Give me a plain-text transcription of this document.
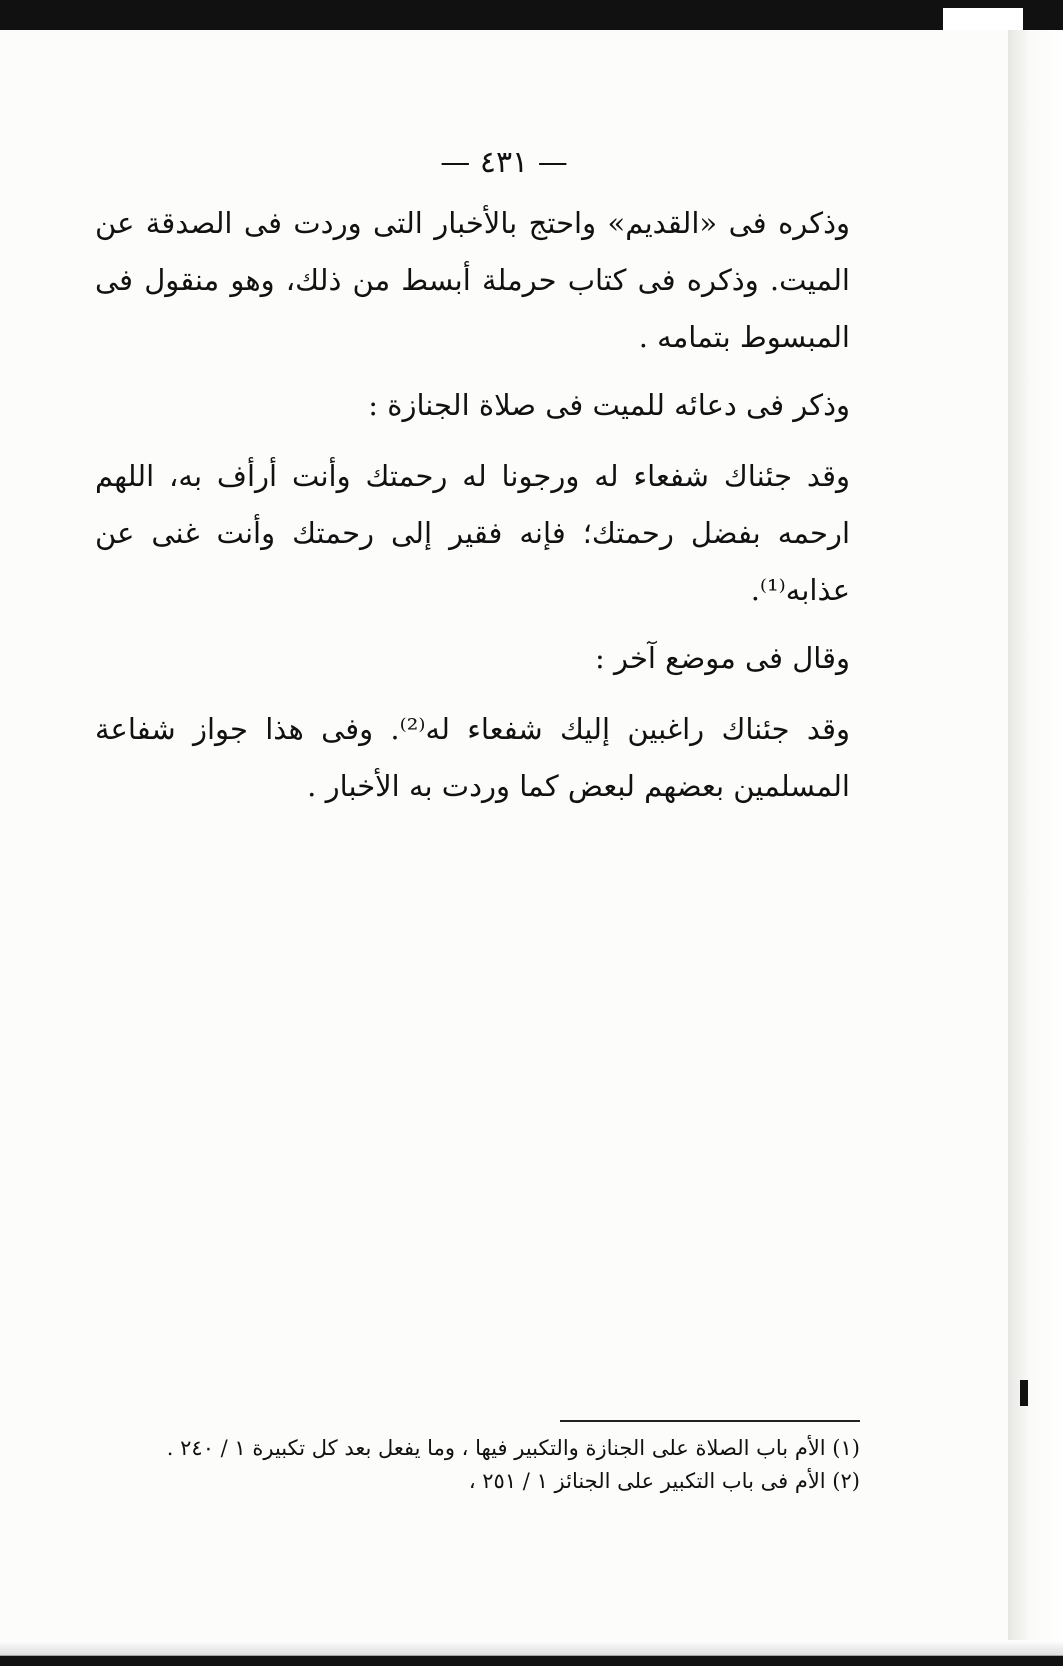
— ٤٣١ —

وذكره فى «القديم» واحتج بالأخبار التى وردت فى الصدقة عن الميت. وذكره فى كتاب حرملة أبسط من ذلك، وهو منقول فى المبسوط بتمامه .

وذكر فى دعائه للميت فى صلاة الجنازة :

وقد جئناك شفعاء له ورجونا له رحمتك وأنت أرأف به، اللهم ارحمه بفضل رحمتك؛ فإنه فقير إلى رحمتك وأنت غنى عن عذابه⁽¹⁾.

وقال فى موضع آخر :

وقد جئناك راغبين إليك شفعاء له⁽²⁾. وفى هذا جواز شفاعة المسلمين بعضهم لبعض كما وردت به الأخبار .

(١) الأم باب الصلاة على الجنازة والتكبير فيها ، وما يفعل بعد كل تكبيرة ١ / ٢٤٠ .

(٢) الأم فى باب التكبير على الجنائز ١ / ٢٥١ ،
